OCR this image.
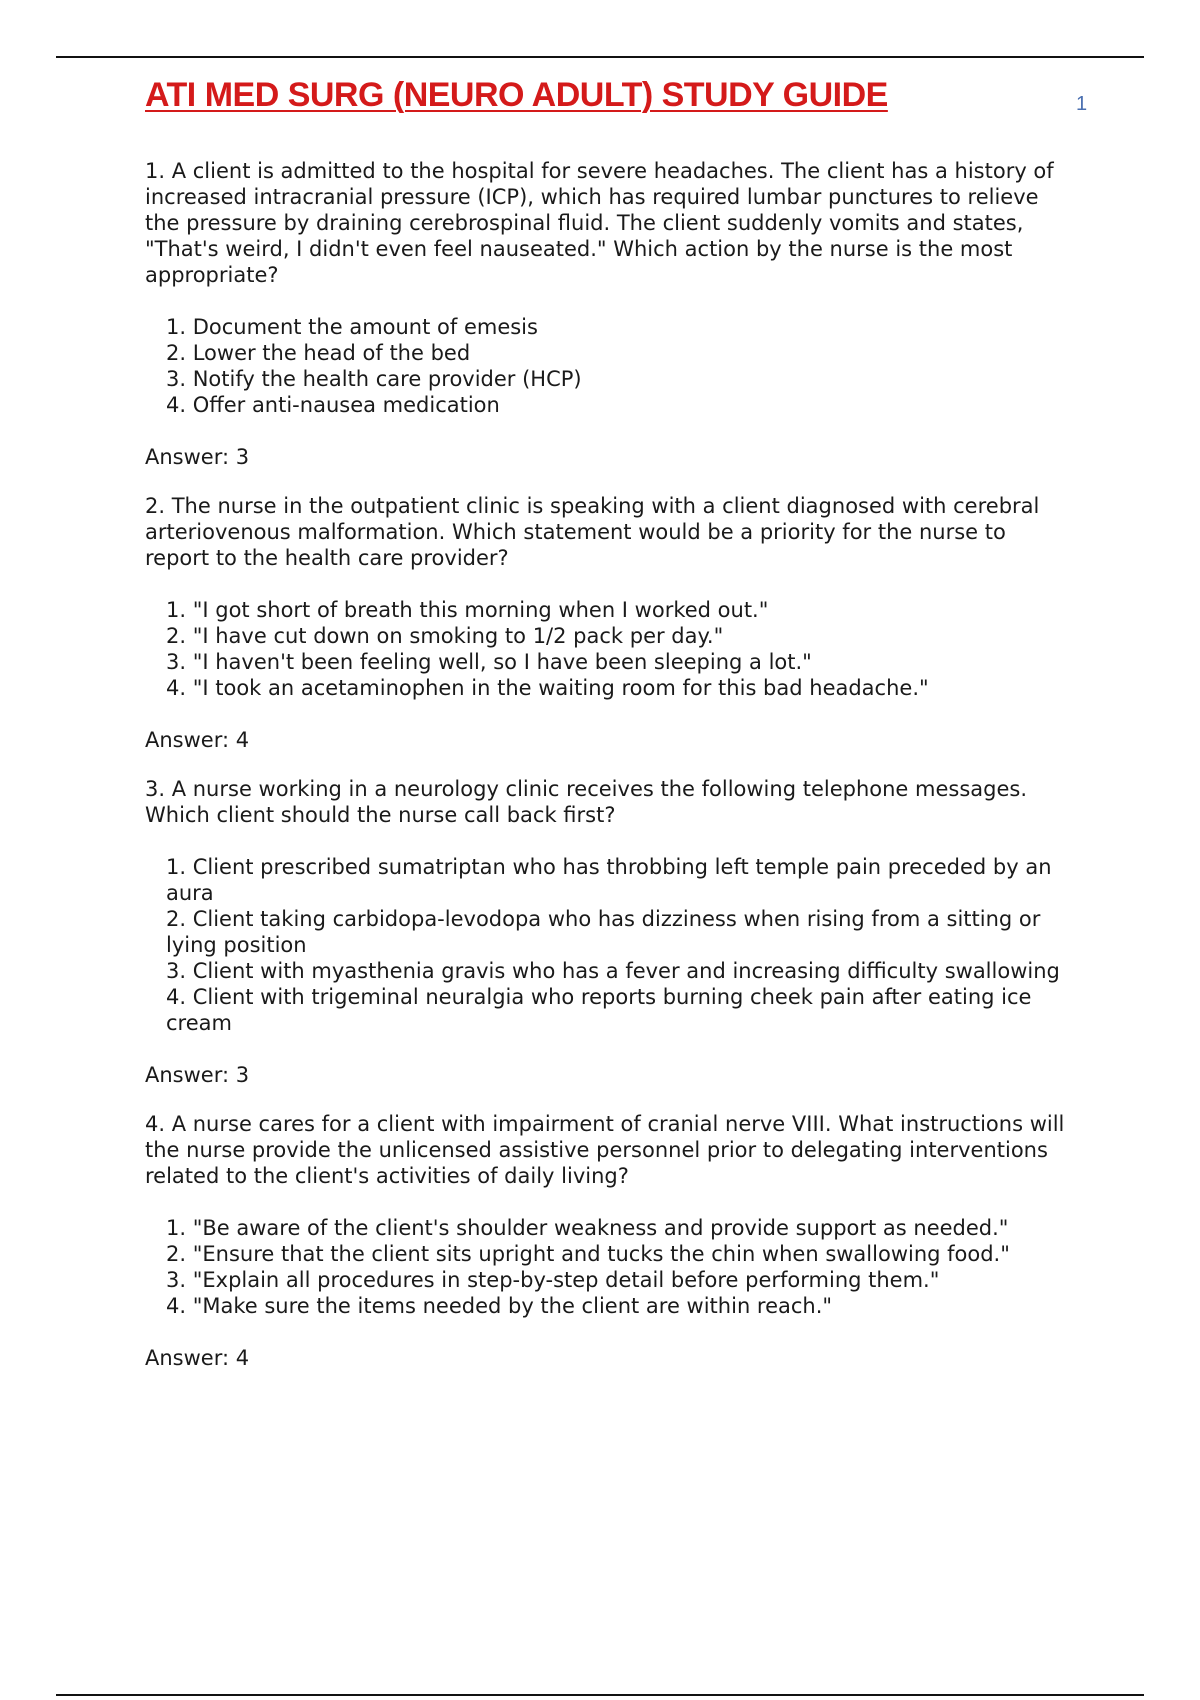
ATI MED SURG (NEURO ADULT) STUDY GUIDE	1

1. A client is admitted to the hospital for severe headaches. The client has a history of increased intracranial pressure (ICP), which has required lumbar punctures to relieve the pressure by draining cerebrospinal fluid. The client suddenly vomits and states, "That's weird, I didn't even feel nauseated." Which action by the nurse is the most appropriate?

1. Document the amount of emesis
2. Lower the head of the bed
3. Notify the health care provider (HCP)
4. Offer anti-nausea medication

Answer: 3

2. The nurse in the outpatient clinic is speaking with a client diagnosed with cerebral arteriovenous malformation. Which statement would be a priority for the nurse to report to the health care provider?

1. "I got short of breath this morning when I worked out."
2. "I have cut down on smoking to 1/2 pack per day."
3. "I haven't been feeling well, so I have been sleeping a lot."
4. "I took an acetaminophen in the waiting room for this bad headache."

Answer: 4

3. A nurse working in a neurology clinic receives the following telephone messages. Which client should the nurse call back first?

1. Client prescribed sumatriptan who has throbbing left temple pain preceded by an aura
2. Client taking carbidopa-levodopa who has dizziness when rising from a sitting or lying position
3. Client with myasthenia gravis who has a fever and increasing difficulty swallowing
4. Client with trigeminal neuralgia who reports burning cheek pain after eating ice cream

Answer: 3

4. A nurse cares for a client with impairment of cranial nerve VIII. What instructions will the nurse provide the unlicensed assistive personnel prior to delegating interventions related to the client's activities of daily living?

1. "Be aware of the client's shoulder weakness and provide support as needed."
2. "Ensure that the client sits upright and tucks the chin when swallowing food."
3. "Explain all procedures in step-by-step detail before performing them."
4. "Make sure the items needed by the client are within reach."

Answer: 4
